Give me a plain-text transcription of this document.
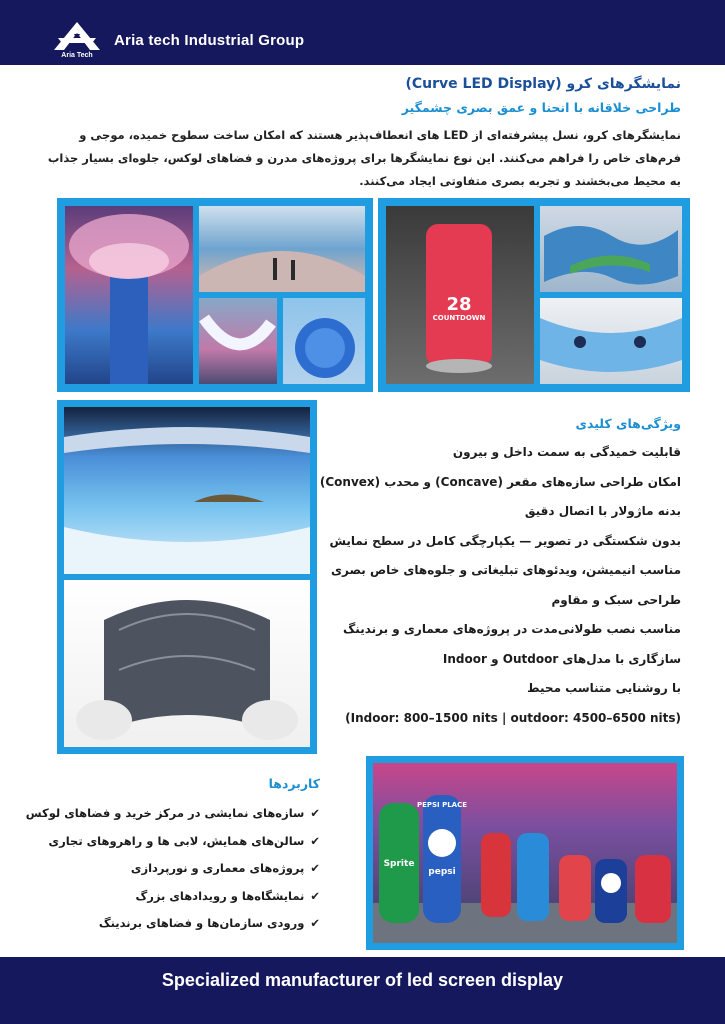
Aria Tech
Aria tech Industrial Group

نمایشگرهای کرو (Curve LED Display)
طراحی خلاقانه با انحنا و عمق بصری چشمگیر
نمایشگرهای کرو، نسل پیشرفته‌ای از LED های انعطاف‌پذیر هستند که امکان ساخت سطوح خمیده، موجی و فرم‌های خاص را فراهم می‌کنند. این نوع نمایشگرها برای پروژه‌های مدرن و فضاهای لوکس، جلوه‌ای بسیار جذاب به محیط می‌بخشند و تجربه بصری متفاوتی ایجاد می‌کنند.
28
COUNTDOWN
ویژگی‌های کلیدی
قابلیت خمیدگی به سمت داخل و بیرون
امکان طراحی سازه‌های مقعر (Concave) و محدب (Convex)
بدنه ماژولار با اتصال دقیق
بدون شکستگی در تصویر — یکپارچگی کامل در سطح نمایش
مناسب انیمیشن، ویدئوهای تبلیغاتی و جلوه‌های خاص بصری
طراحی سبک و مقاوم
مناسب نصب طولانی‌مدت در پروژه‌های معماری و برندینگ
سازگاری با مدل‌های Outdoor و Indoor
با روشنایی متناسب محیط
(Indoor: 800–1500 nits | outdoor: 4500–6500 nits)
کاربردها
✔سازه‌های نمایشی در مرکز خرید و فضاهای لوکس
✔سالن‌های همایش، لابی ها و راهروهای تجاری
✔پروژه‌های معماری و نورپردازی
✔نمایشگاه‌ها و رویدادهای بزرگ
✔ورودی سازمان‌ها و فضاهای برندینگ
Sprite
pepsi
PEPSI PLACE
Specialized manufacturer of led screen display
